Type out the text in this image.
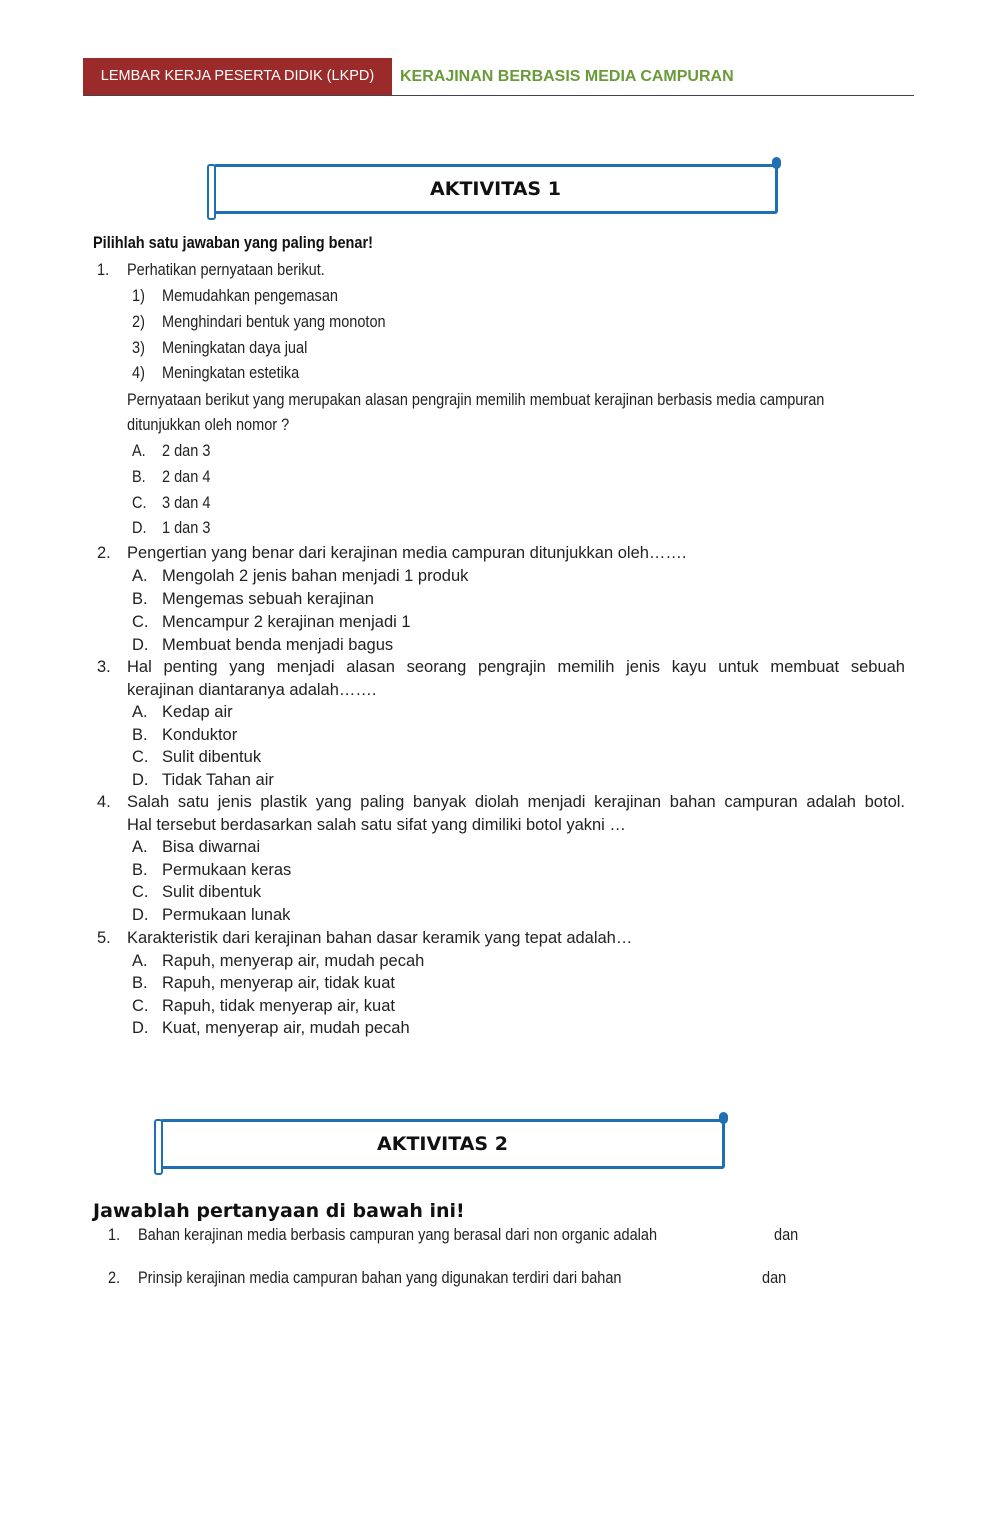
LEMBAR KERJA PESERTA DIDIK (LKPD)	KERAJINAN BERBASIS MEDIA CAMPURAN
AKTIVITAS 1
Pilihlah satu jawaban yang paling benar!
1. Perhatikan pernyataan berikut.
1) Memudahkan pengemasan
2) Menghindari bentuk yang monoton
3) Meningkatan daya jual
4) Meningkatan estetika
Pernyataan berikut yang merupakan alasan pengrajin memilih membuat kerajinan berbasis media campuran
ditunjukkan oleh nomor ?
A. 2 dan 3
B. 2 dan 4
C. 3 dan 4
D. 1 dan 3
2. Pengertian yang benar dari kerajinan media campuran ditunjukkan oleh…….
A. Mengolah 2 jenis bahan menjadi 1 produk
B. Mengemas sebuah kerajinan
C. Mencampur 2 kerajinan menjadi 1
D. Membuat benda menjadi bagus
3. Hal penting yang menjadi alasan seorang pengrajin memilih jenis kayu untuk membuat sebuah
kerajinan diantaranya adalah…….
A. Kedap air
B. Konduktor
C. Sulit dibentuk
D. Tidak Tahan air
4. Salah satu jenis plastik yang paling banyak diolah menjadi kerajinan bahan campuran adalah botol.
Hal tersebut berdasarkan salah satu sifat yang dimiliki botol yakni …
A. Bisa diwarnai
B. Permukaan keras
C. Sulit dibentuk
D. Permukaan lunak
5. Karakteristik dari kerajinan bahan dasar keramik yang tepat adalah…
A. Rapuh, menyerap air, mudah pecah
B. Rapuh, menyerap air, tidak kuat
C. Rapuh, tidak menyerap air, kuat
D. Kuat, menyerap air, mudah pecah
AKTIVITAS 2
Jawablah pertanyaan di bawah ini!
1. Bahan kerajinan media berbasis campuran yang berasal dari non organic adalah	dan
2. Prinsip kerajinan media campuran bahan yang digunakan terdiri dari bahan	dan
